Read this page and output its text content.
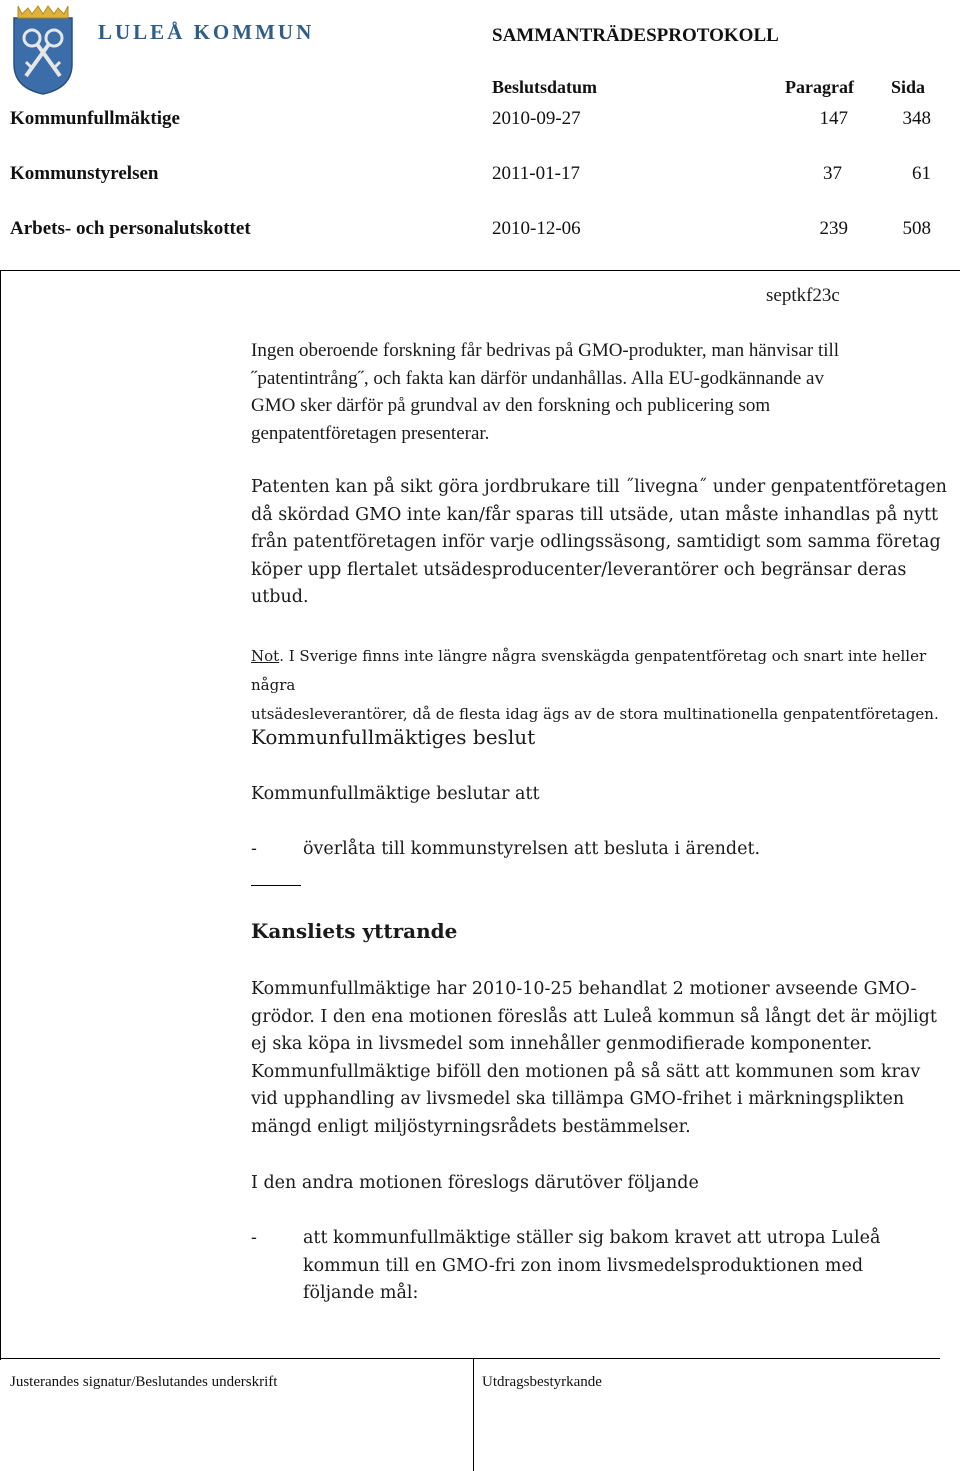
LULEÅ KOMMUN	SAMMANTRÄDESPROTOKOLL
Beslutsdatum	Paragraf Sida
Kommunfullmäktige	2010-09-27	147	348
Kommunstyrelsen	2011-01-17	37	61
Arbets- och personalutskottet	2010-12-06	239	508
septkf23c
Ingen oberoende forskning får bedrivas på GMO-produkter, man hänvisar till
˝patentintrång˝, och fakta kan därför undanhållas. Alla EU-godkännande av
GMO sker därför på grundval av den forskning och publicering som
genpatentföretagen presenterar.
Patenten kan på sikt göra jordbrukare till ˝livegna˝ under genpatentföretagen
då skördad GMO inte kan/får sparas till utsäde, utan måste inhandlas på nytt
från patentföretagen inför varje odlingssäsong, samtidigt som samma företag
köper upp flertalet utsädesproducenter/leverantörer och begränsar deras
utbud.
Not. I Sverige finns inte längre några svenskägda genpatentföretag och snart inte heller några
utsädesleverantörer, då de flesta idag ägs av de stora multinationella genpatentföretagen.
Kommunfullmäktiges beslut
Kommunfullmäktige beslutar att
-	överlåta till kommunstyrelsen att besluta i ärendet.
Kansliets yttrande
Kommunfullmäktige har 2010-10-25 behandlat 2 motioner avseende GMO-
grödor. I den ena motionen föreslås att Luleå kommun så långt det är möjligt
ej ska köpa in livsmedel som innehåller genmodifierade komponenter.
Kommunfullmäktige biföll den motionen på så sätt att kommunen som krav
vid upphandling av livsmedel ska tillämpa GMO-frihet i märkningsplikten
mängd enligt miljöstyrningsrådets bestämmelser.
I den andra motionen föreslogs därutöver följande
-	att kommunfullmäktige ställer sig bakom kravet att utropa Luleå
kommun till en GMO-fri zon inom livsmedelsproduktionen med
följande mål:
Justerandes signatur/Beslutandes underskrift	Utdragsbestyrkande
